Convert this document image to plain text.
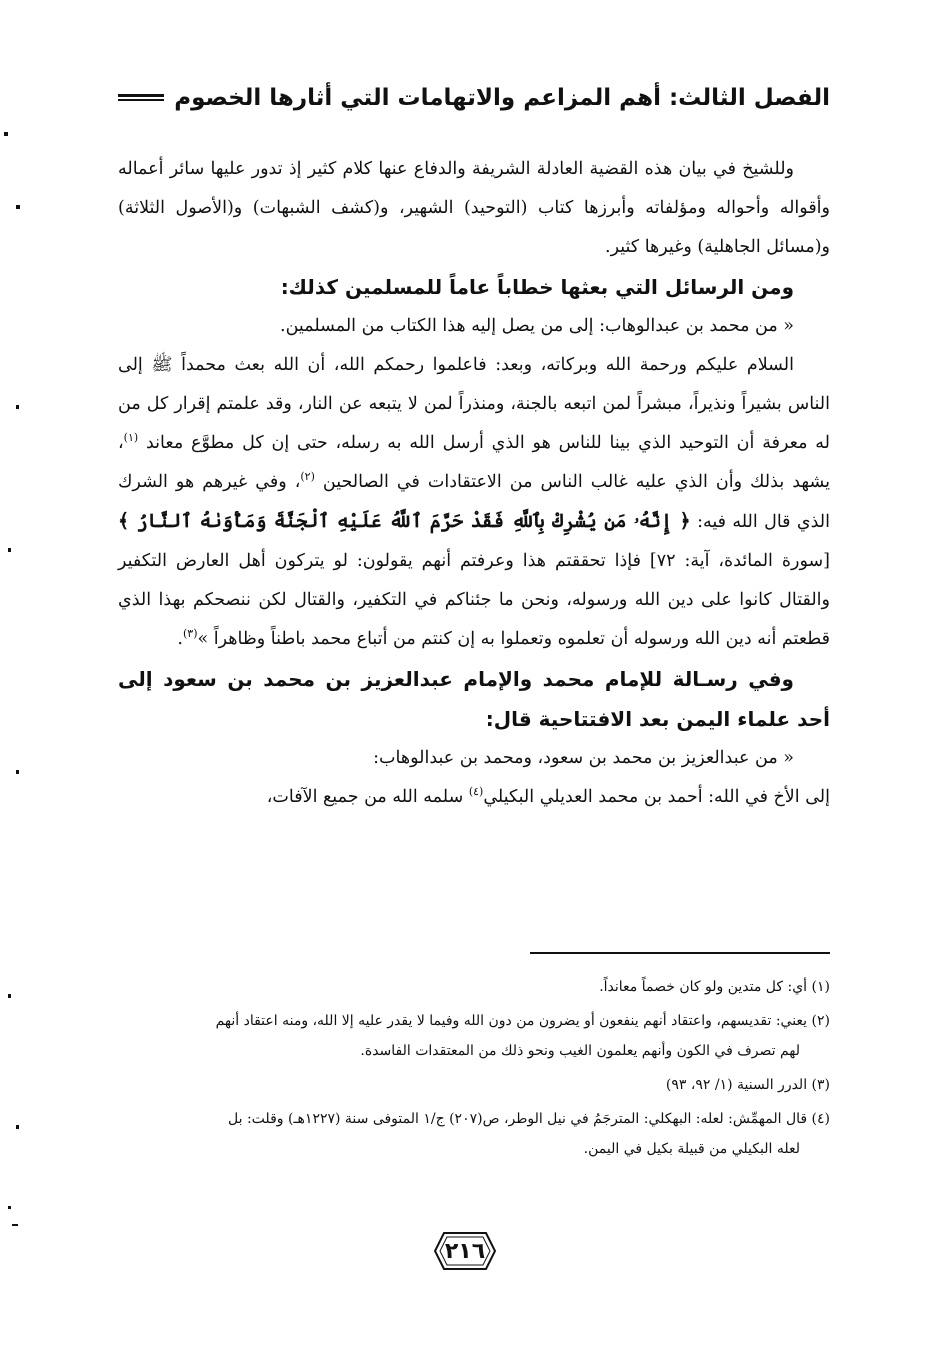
الفصل الثالث: أهم المزاعم والاتهامات التي أثارها الخصوم

وللشيخ في بيان هذه القضية العادلة الشريفة والدفاع عنها كلام كثير إذ تدور عليها سائر أعماله وأقواله وأحواله ومؤلفاته وأبرزها كتاب (التوحيد) الشهير، و(كشف الشبهات) و(الأصول الثلاثة) و(مسائل الجاهلية) وغيرها كثير.

ومن الرسائل التي بعثها خطاباً عاماً للمسلمين كذلك:

« من محمد بن عبدالوهاب: إلى من يصل إليه هذا الكتاب من المسلمين.

السلام عليكم ورحمة الله وبركاته، وبعد: فاعلموا رحمكم الله، أن الله بعث محمداً ﷺ إلى الناس بشيراً ونذيراً، مبشراً لمن اتبعه بالجنة، ومنذراً لمن لا يتبعه عن النار، وقد علمتم إقرار كل من له معرفة أن التوحيد الذي بينا للناس هو الذي أرسل الله به رسله، حتى إن كل مطوَّع معاند $^{(١)}$، يشهد بذلك وأن الذي عليه غالب الناس من الاعتقادات في الصالحين $^{(٢)}$، وفي غيرهم هو الشرك الذي قال الله فيه: ﴿ إِنَّهُۥ مَن يُشْرِكْ بِٱللَّهِ فَقَدْ حَرَّمَ ٱللَّهُ عَلَيْهِ ٱلْجَنَّةَ وَمَأْوَىٰهُ ٱلنَّارُ ﴾ [سورة المائدة، آية: ٧٢] فإذا تحققتم هذا وعرفتم أنهم يقولون: لو يتركون أهل العارض التكفير والقتال كانوا على دين الله ورسوله، ونحن ما جئناكم في التكفير، والقتال لكن ننصحكم بهذا الذي قطعتم أنه دين الله ورسوله أن تعلموه وتعملوا به إن كنتم من أتباع محمد باطناً وظاهراً »$^{(٣)}$.

وفي رسـالة للإمام محمد والإمام عبدالعزيز بن محمد بن سعود إلى أحد علماء اليمن بعد الافتتاحية قال:

« من عبدالعزيز بن محمد بن سعود، ومحمد بن عبدالوهاب:

إلى الأخ في الله: أحمد بن محمد العديلي البكيلي$^{(٤)}$ سلمه الله من جميع الآفات،

(١) أي: كل متدين ولو كان خصماً معانداً.

(٢) يعني: تقديسهم، واعتقاد أنهم ينفعون أو يضرون من دون الله وفيما لا يقدر عليه إلا الله، ومنه اعتقاد أنهم
لهم تصرف في الكون وأنهم يعلمون الغيب ونحو ذلك من المعتقدات الفاسدة.

(٣) الدرر السنية (١/ ٩٢، ٩٣)

(٤) قال المهمِّش: لعله: البهكلي: المترجَمُ في نيل الوطر، ص(٢٠٧) ج/١ المتوفى سنة (١٢٢٧هـ) وقلت: بل
لعله البكيلي من قبيلة بكيل في اليمن.

٢١٦
